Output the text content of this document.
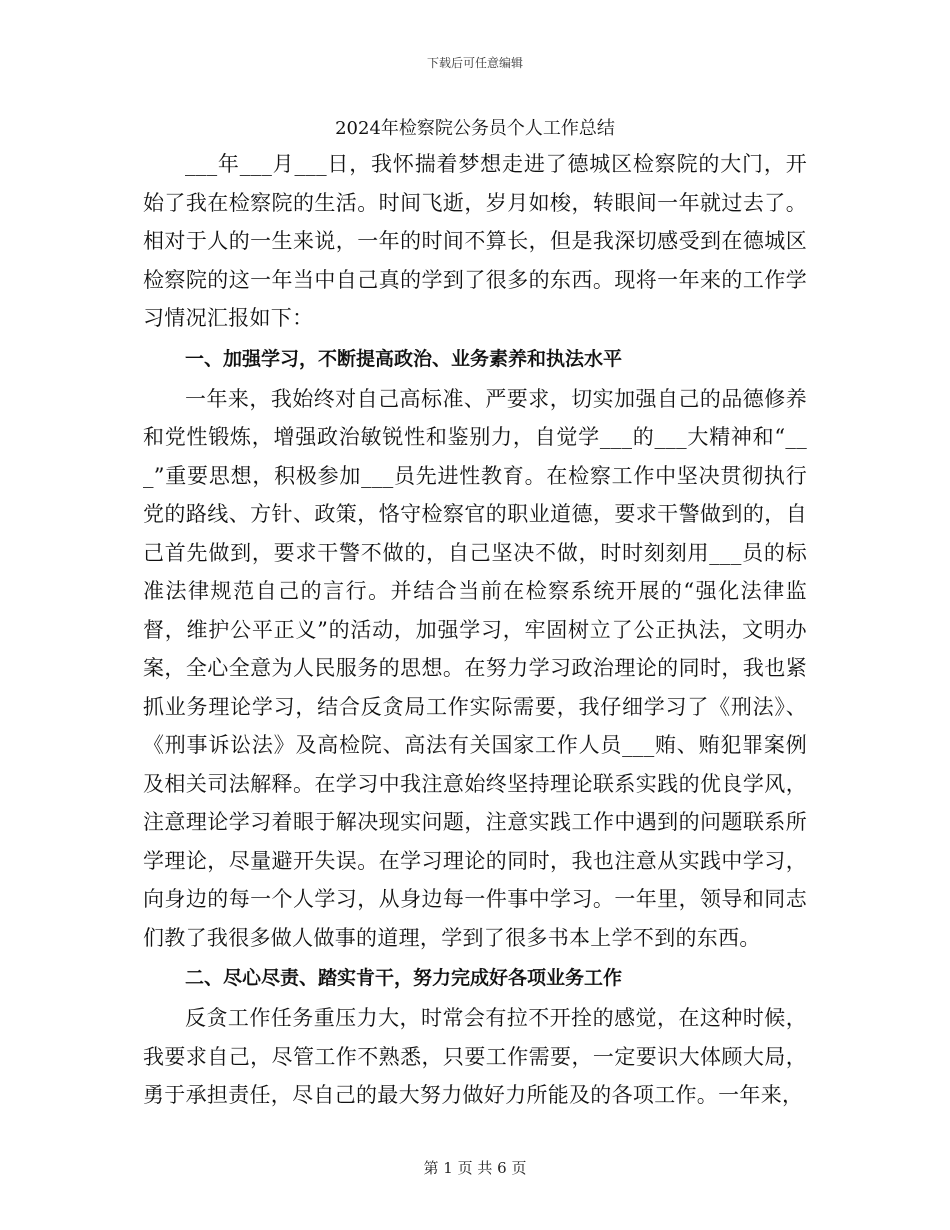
下载后可任意编辑
2024年检察院公务员个人工作总结

___年___月___日，我怀揣着梦想走进了德城区检察院的大门，开始了我在检察院的生活。时间飞逝，岁月如梭，转眼间一年就过去了。相对于人的一生来说，一年的时间不算长，但是我深切感受到在德城区检察院的这一年当中自己真的学到了很多的东西。现将一年来的工作学习情况汇报如下：

一、加强学习，不断提高政治、业务素养和执法水平

一年来，我始终对自己高标准、严要求，切实加强自己的品德修养和党性锻炼，增强政治敏锐性和鉴别力，自觉学___的___大精神和“___”重要思想，积极参加___员先进性教育。在检察工作中坚决贯彻执行党的路线、方针、政策，恪守检察官的职业道德，要求干警做到的，自己首先做到，要求干警不做的，自己坚决不做，时时刻刻用___员的标准法律规范自己的言行。并结合当前在检察系统开展的“强化法律监督，维护公平正义”的活动，加强学习，牢固树立了公正执法，文明办案，全心全意为人民服务的思想。在努力学习政治理论的同时，我也紧抓业务理论学习，结合反贪局工作实际需要，我仔细学习了《刑法》、《刑事诉讼法》及高检院、高法有关国家工作人员___贿、贿犯罪案例及相关司法解释。在学习中我注意始终坚持理论联系实践的优良学风，注意理论学习着眼于解决现实问题，注意实践工作中遇到的问题联系所学理论，尽量避开失误。在学习理论的同时，我也注意从实践中学习，向身边的每一个人学习，从身边每一件事中学习。一年里，领导和同志们教了我很多做人做事的道理，学到了很多书本上学不到的东西。

二、尽心尽责、踏实肯干，努力完成好各项业务工作

反贪工作任务重压力大，时常会有拉不开拴的感觉，在这种时候，我要求自己，尽管工作不熟悉，只要工作需要，一定要识大体顾大局，勇于承担责任，尽自己的最大努力做好力所能及的各项工作。一年来，

第 1 页 共 6 页
